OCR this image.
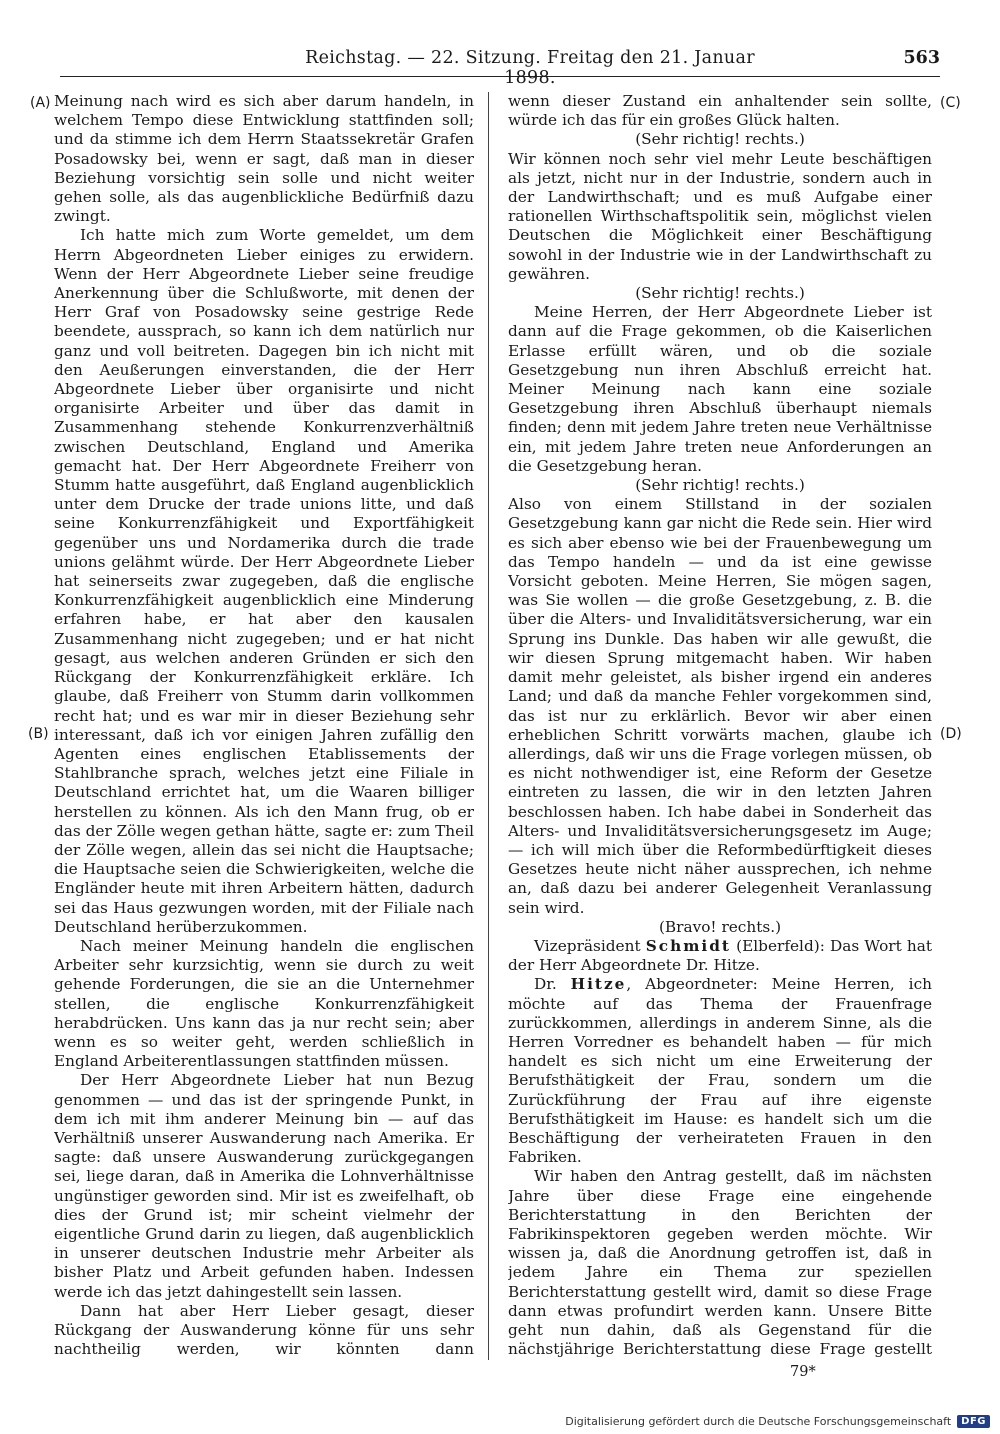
Reichstag. — 22. Sitzung. Freitag den 21. Januar 1898.
563
(A)
(B)
(C)
(D)

Meinung nach wird es sich aber darum handeln, in welchem Tempo diese Entwicklung stattfinden soll; und da stimme ich dem Herrn Staatssekretär Grafen Posadowsky bei, wenn er sagt, daß man in dieser Beziehung vorsichtig sein solle und nicht weiter gehen solle, als das augenblickliche Bedürfniß dazu zwingt.

Ich hatte mich zum Worte gemeldet, um dem Herrn Abgeordneten Lieber einiges zu erwidern. Wenn der Herr Abgeordnete Lieber seine freudige Anerkennung über die Schlußworte, mit denen der Herr Graf von Posadowsky seine gestrige Rede beendete, aussprach, so kann ich dem natürlich nur ganz und voll beitreten. Dagegen bin ich nicht mit den Aeußerungen einverstanden, die der Herr Abgeordnete Lieber über organisirte und nicht organisirte Arbeiter und über das damit in Zusammenhang stehende Konkurrenzverhältniß zwischen Deutschland, England und Amerika gemacht hat. Der Herr Abgeordnete Freiherr von Stumm hatte ausgeführt, daß England augenblicklich unter dem Drucke der trade unions litte, und daß seine Konkurrenzfähigkeit und Exportfähigkeit gegenüber uns und Nordamerika durch die trade unions gelähmt würde. Der Herr Abgeordnete Lieber hat seinerseits zwar zugegeben, daß die englische Konkurrenzfähigkeit augenblicklich eine Minderung erfahren habe, er hat aber den kausalen Zusammenhang nicht zugegeben; und er hat nicht gesagt, aus welchen anderen Gründen er sich den Rückgang der Konkurrenzfähigkeit erkläre. Ich glaube, daß Freiherr von Stumm darin vollkommen recht hat; und es war mir in dieser Beziehung sehr interessant, daß ich vor einigen Jahren zufällig den Agenten eines englischen Etablissements der Stahlbranche sprach, welches jetzt eine Filiale in Deutschland errichtet hat, um die Waaren billiger herstellen zu können. Als ich den Mann frug, ob er das der Zölle wegen gethan hätte, sagte er: zum Theil der Zölle wegen, allein das sei nicht die Hauptsache; die Hauptsache seien die Schwierigkeiten, welche die Engländer heute mit ihren Arbeitern hätten, dadurch sei das Haus gezwungen worden, mit der Filiale nach Deutschland herüberzukommen.

Nach meiner Meinung handeln die englischen Arbeiter sehr kurzsichtig, wenn sie durch zu weit gehende Forderungen, die sie an die Unternehmer stellen, die englische Konkurrenzfähigkeit herabdrücken. Uns kann das ja nur recht sein; aber wenn es so weiter geht, werden schließlich in England Arbeiterentlassungen stattfinden müssen.

Der Herr Abgeordnete Lieber hat nun Bezug genommen — und das ist der springende Punkt, in dem ich mit ihm anderer Meinung bin — auf das Verhältniß unserer Auswanderung nach Amerika. Er sagte: daß unsere Auswanderung zurückgegangen sei, liege daran, daß in Amerika die Lohnverhältnisse ungünstiger geworden sind. Mir ist es zweifelhaft, ob dies der Grund ist; mir scheint vielmehr der eigentliche Grund darin zu liegen, daß augenblicklich in unserer deutschen Industrie mehr Arbeiter als bisher Platz und Arbeit gefunden haben. Indessen werde ich das jetzt dahingestellt sein lassen.

Dann hat aber Herr Lieber gesagt, dieser Rückgang der Auswanderung könne für uns sehr nachtheilig werden, wir könnten dann

wenn dieser Zustand ein anhaltender sein sollte, würde ich das für ein großes Glück halten.

(Sehr richtig! rechts.)

Wir können noch sehr viel mehr Leute beschäftigen als jetzt, nicht nur in der Industrie, sondern auch in der Landwirthschaft; und es muß Aufgabe einer rationellen Wirthschaftspolitik sein, möglichst vielen Deutschen die Möglichkeit einer Beschäftigung sowohl in der Industrie wie in der Landwirthschaft zu gewähren.

(Sehr richtig! rechts.)

Meine Herren, der Herr Abgeordnete Lieber ist dann auf die Frage gekommen, ob die Kaiserlichen Erlasse erfüllt wären, und ob die soziale Gesetzgebung nun ihren Abschluß erreicht hat. Meiner Meinung nach kann eine soziale Gesetzgebung ihren Abschluß überhaupt niemals finden; denn mit jedem Jahre treten neue Verhältnisse ein, mit jedem Jahre treten neue Anforderungen an die Gesetzgebung heran.

(Sehr richtig! rechts.)

Also von einem Stillstand in der sozialen Gesetzgebung kann gar nicht die Rede sein. Hier wird es sich aber ebenso wie bei der Frauenbewegung um das Tempo handeln — und da ist eine gewisse Vorsicht geboten. Meine Herren, Sie mögen sagen, was Sie wollen — die große Gesetzgebung, z. B. die über die Alters- und Invaliditätsversicherung, war ein Sprung ins Dunkle. Das haben wir alle gewußt, die wir diesen Sprung mitgemacht haben. Wir haben damit mehr geleistet, als bisher irgend ein anderes Land; und daß da manche Fehler vorgekommen sind, das ist nur zu erklärlich. Bevor wir aber einen erheblichen Schritt vorwärts machen, glaube ich allerdings, daß wir uns die Frage vorlegen müssen, ob es nicht nothwendiger ist, eine Reform der Gesetze eintreten zu lassen, die wir in den letzten Jahren beschlossen haben. Ich habe dabei in Sonderheit das Alters- und Invaliditätsversicherungsgesetz im Auge; — ich will mich über die Reformbedürftigkeit dieses Gesetzes heute nicht näher aussprechen, ich nehme an, daß dazu bei anderer Gelegenheit Veranlassung sein wird.

(Bravo! rechts.)

Vizepräsident Schmidt (Elberfeld): Das Wort hat der Herr Abgeordnete Dr. Hitze.

Dr. Hitze, Abgeordneter: Meine Herren, ich möchte auf das Thema der Frauenfrage zurückkommen, allerdings in anderem Sinne, als die Herren Vorredner es behandelt haben — für mich handelt es sich nicht um eine Erweiterung der Berufsthätigkeit der Frau, sondern um die Zurückführung der Frau auf ihre eigenste Berufsthätigkeit im Hause: es handelt sich um die Beschäftigung der verheirateten Frauen in den Fabriken.

Wir haben den Antrag gestellt, daß im nächsten Jahre über diese Frage eine eingehende Berichterstattung in den Berichten der Fabrikinspektoren gegeben werden möchte. Wir wissen ja, daß die Anordnung getroffen ist, daß in jedem Jahre ein Thema zur speziellen Berichterstattung gestellt wird, damit so diese Frage dann etwas profundirt werden kann. Unsere Bitte geht nun dahin, daß als Gegenstand für die nächstjährige Berichterstattung diese Frage gestellt

79*
Digitalisierung gefördert durch die Deutsche Forschungsgemeinschaft	DFG
